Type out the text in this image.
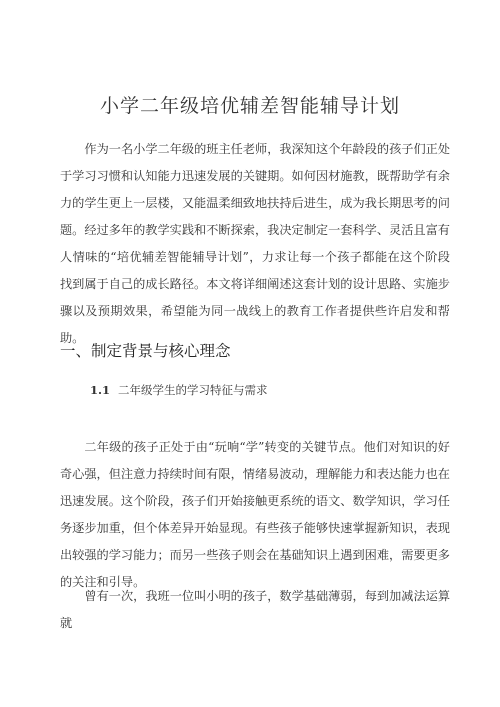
小学二年级培优辅差智能辅导计划

作为一名小学二年级的班主任老师，我深知这个年龄段的孩子们正处于学习习惯和认知能力迅速发展的关键期。如何因材施教，既帮助学有余力的学生更上一层楼，又能温柔细致地扶持后进生，成为我长期思考的问题。经过多年的教学实践和不断探索，我决定制定一套科学、灵活且富有人情味的“培优辅差智能辅导计划”，力求让每一个孩子都能在这个阶段找到属于自己的成长路径。本文将详细阐述这套计划的设计思路、实施步骤以及预期效果，希望能为同一战线上的教育工作者提供些许启发和帮助。

一、制定背景与核心理念
1.1 二年级学生的学习特征与需求

二年级的孩子正处于由“玩响“学”转变的关键节点。他们对知识的好奇心强，但注意力持续时间有限，情绪易波动，理解能力和表达能力也在迅速发展。这个阶段，孩子们开始接触更系统的语文、数学知识，学习任务逐步加重，但个体差异开始显现。有些孩子能够快速掌握新知识，表现出较强的学习能力；而另一些孩子则会在基础知识上遇到困难，需要更多的关注和引导。

曾有一次，我班一位叫小明的孩子，数学基础薄弱，每到加减法运算就
